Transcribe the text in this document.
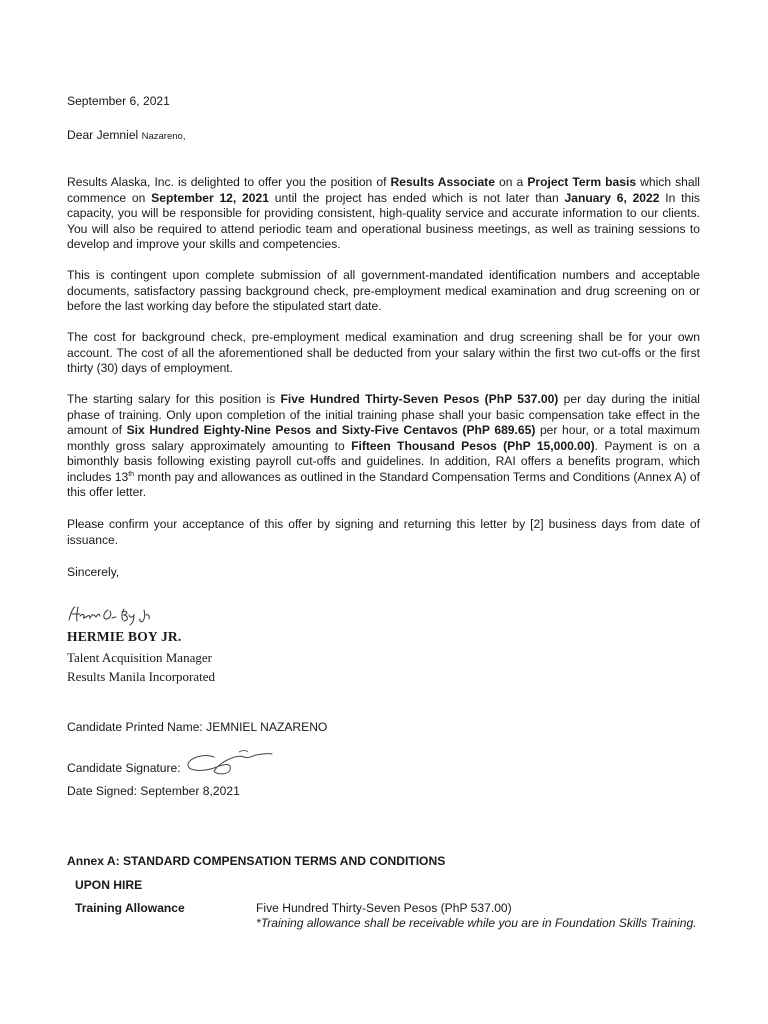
September 6, 2021
Dear Jemniel Nazareno,

Results Alaska, Inc. is delighted to offer you the position of Results Associate on a Project Term basis which shall commence on September 12, 2021 until the project has ended which is not later than January 6, 2022 In this capacity, you will be responsible for providing consistent, high-quality service and accurate information to our clients. You will also be required to attend periodic team and operational business meetings, as well as training sessions to develop and improve your skills and competencies.

This is contingent upon complete submission of all government-mandated identification numbers and acceptable documents, satisfactory passing background check, pre-employment medical examination and drug screening on or before the last working day before the stipulated start date.

The cost for background check, pre-employment medical examination and drug screening shall be for your own account. The cost of all the aforementioned shall be deducted from your salary within the first two cut-offs or the first thirty (30) days of employment.

The starting salary for this position is Five Hundred Thirty-Seven Pesos (PhP 537.00) per day during the initial phase of training. Only upon completion of the initial training phase shall your basic compensation take effect in the amount of Six Hundred Eighty-Nine Pesos and Sixty-Five Centavos (PhP 689.65) per hour, or a total maximum monthly gross salary approximately amounting to Fifteen Thousand Pesos (PhP 15,000.00). Payment is on a bimonthly basis following existing payroll cut-offs and guidelines. In addition, RAI offers a benefits program, which includes 13th month pay and allowances as outlined in the Standard Compensation Terms and Conditions (Annex A) of this offer letter.

Please confirm your acceptance of this offer by signing and returning this letter by [2] business days from date of issuance.

Sincerely,
HERMIE BOY JR.
Talent Acquisition Manager
Results Manila Incorporated
Candidate Printed Name: JEMNIEL NAZARENO
Candidate Signature:
Date Signed: September 8,2021
Annex A: STANDARD COMPENSATION TERMS AND CONDITIONS
UPON HIRE
Training Allowance	Five Hundred Thirty-Seven Pesos (PhP 537.00)
*Training allowance shall be receivable while you are in Foundation Skills Training.
